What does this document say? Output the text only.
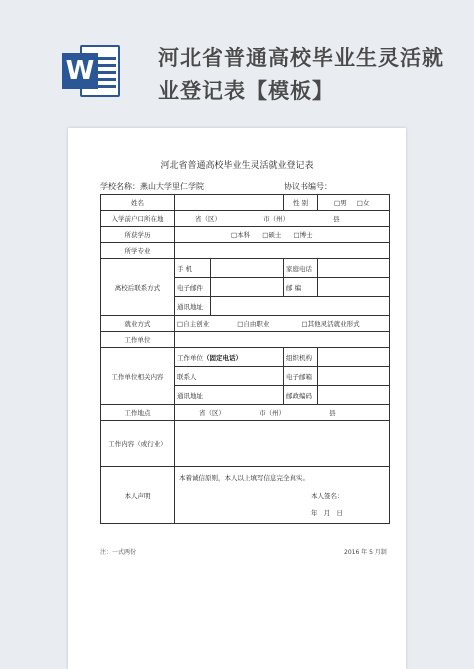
W	河北省普通高校毕业生灵活就业登记表【模板】
河北省普通高校毕业生灵活就业登记表
学校名称：燕山大学里仁学院	协议书编号：
姓名			性 别	□男 □女
入学前户口所在地	省（区） 市（州） 县			
所获学历	□本科 □硕士 □博士			
所学专业				
离校后联系方式	手 机		家庭电话	
	电子邮件		邮 编	
	通讯地址			
就业方式	□自主创业 □自由职业 □其他灵活就业形式			
工作单位				
工作单位相关内容	工作单位（固定电话）		组织机构	
	联系人		电子邮箱	
	通讯地址		邮政编码	
工作地点	省（区） 市（州） 县			
工作内容（或行业）				
本人声明	本着诚信原则，本人以上填写信息完全真实。
本人签名：
年   月   日			
注：一式两份	2016 年 5 月制
